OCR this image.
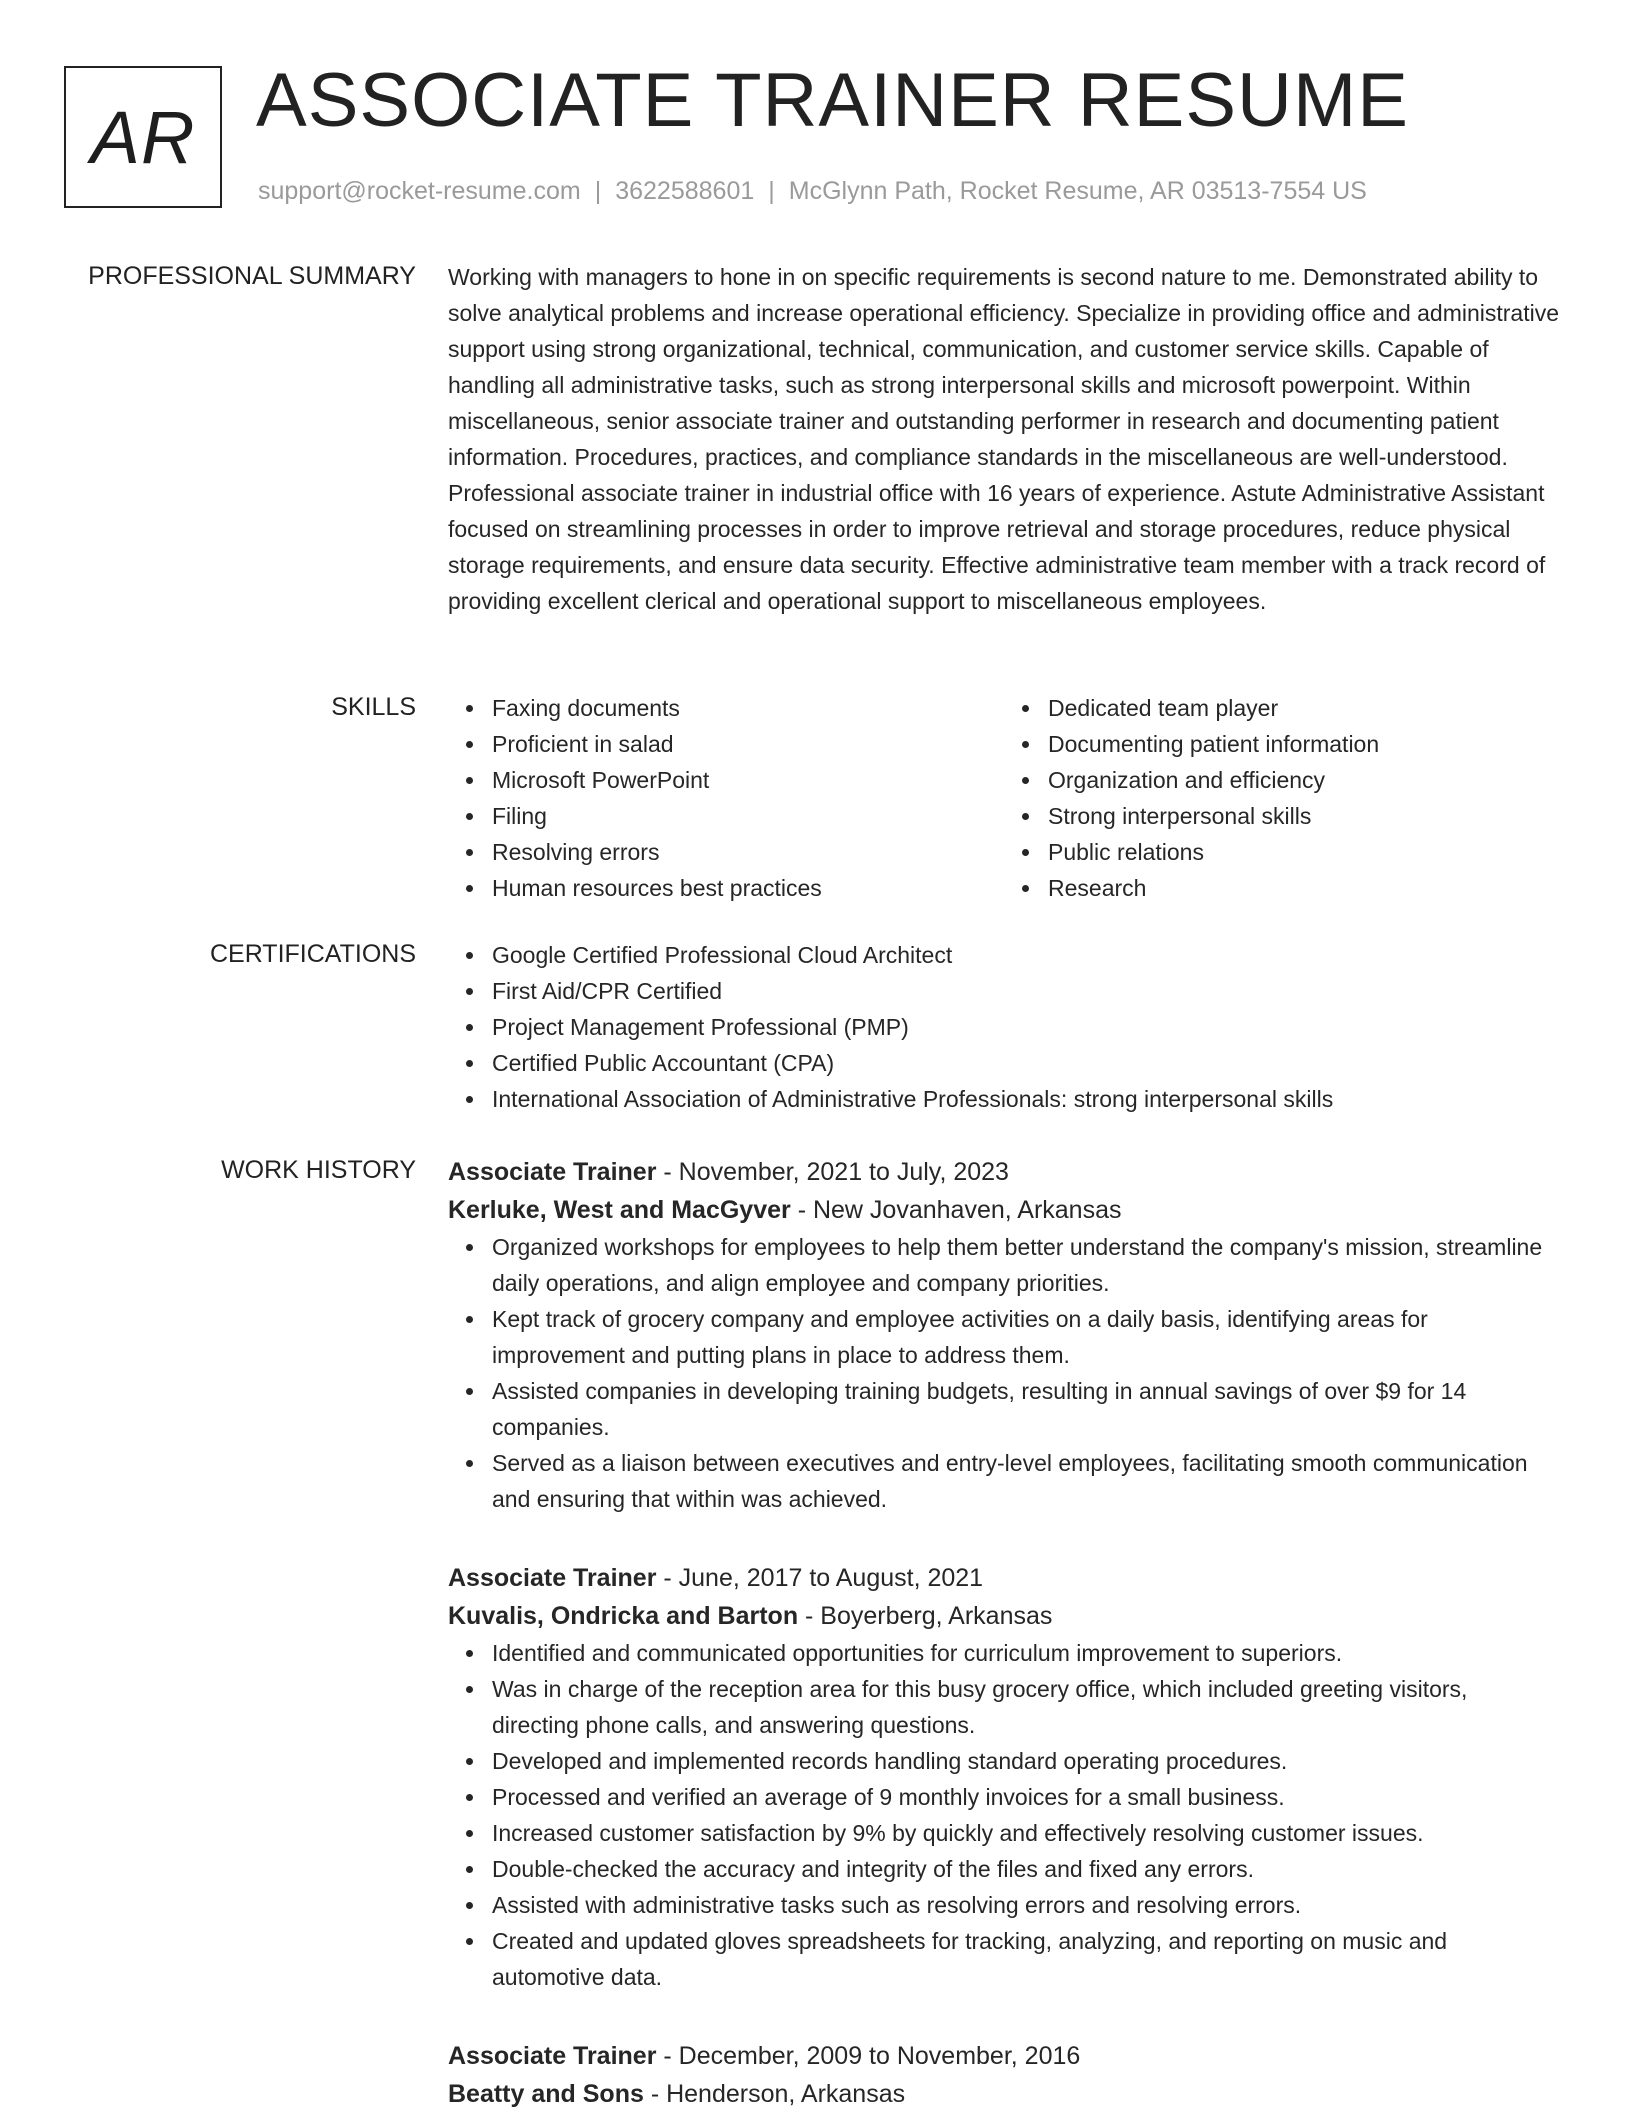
AR ASSOCIATE TRAINER RESUME
support@rocket-resume.com | 3622588601 | McGlynn Path, Rocket Resume, AR 03513-7554 US
PROFESSIONAL SUMMARY Working with managers to hone in on specific requirements is second nature to me. Demonstrated ability to solve analytical problems and increase operational efficiency. Specialize in providing office and administrative support using strong organizational, technical, communication, and customer service skills. Capable of handling all administrative tasks, such as strong interpersonal skills and microsoft powerpoint. Within miscellaneous, senior associate trainer and outstanding performer in research and documenting patient information. Procedures, practices, and compliance standards in the miscellaneous are well-understood. Professional associate trainer in industrial office with 16 years of experience. Astute Administrative Assistant focused on streamlining processes in order to improve retrieval and storage procedures, reduce physical storage requirements, and ensure data security. Effective administrative team member with a track record of providing excellent clerical and operational support to miscellaneous employees.

SKILLS	Faxing documents
Proficient in salad
Microsoft PowerPoint
Filing
Resolving errors
Human resources best practices
Dedicated team player
Documenting patient information
Organization and efficiency
Strong interpersonal skills
Public relations
Research
CERTIFICATIONS	Google Certified Professional Cloud Architect
First Aid/CPR Certified
Project Management Professional (PMP)
Certified Public Accountant (CPA)
International Association of Administrative Professionals: strong interpersonal skills
WORK HISTORY Associate Trainer - November, 2021 to July, 2023
Kerluke, West and MacGyver - New Jovanhaven, Arkansas
Organized workshops for employees to help them better understand the company's mission, streamline daily operations, and align employee and company priorities.
Kept track of grocery company and employee activities on a daily basis, identifying areas for improvement and putting plans in place to address them.
Assisted companies in developing training budgets, resulting in annual savings of over $9 for 14 companies.
Served as a liaison between executives and entry-level employees, facilitating smooth communication and ensuring that within was achieved.
Associate Trainer - June, 2017 to August, 2021
Kuvalis, Ondricka and Barton - Boyerberg, Arkansas
Identified and communicated opportunities for curriculum improvement to superiors.
Was in charge of the reception area for this busy grocery office, which included greeting visitors, directing phone calls, and answering questions.
Developed and implemented records handling standard operating procedures.
Processed and verified an average of 9 monthly invoices for a small business.
Increased customer satisfaction by 9% by quickly and effectively resolving customer issues.
Double-checked the accuracy and integrity of the files and fixed any errors.
Assisted with administrative tasks such as resolving errors and resolving errors.
Created and updated gloves spreadsheets for tracking, analyzing, and reporting on music and automotive data.
Associate Trainer - December, 2009 to November, 2016
Beatty and Sons - Henderson, Arkansas
